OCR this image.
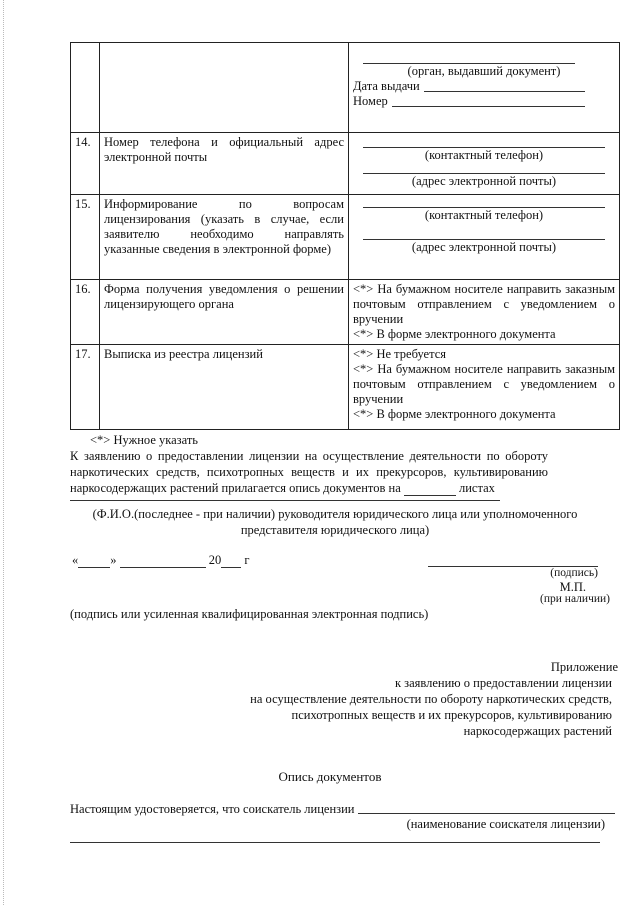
		(орган, выдавший документ)
Дата выдачи
Номер

14.	Номер телефона и официальный адрес электронной почты	(контактный телефон)
(адрес электронной почты)

15.	Информирование по вопросам лицензирования (указать в случае, если заявителю необходимо направлять указанные сведения в электронной форме)	(контактный телефон)
(адрес электронной почты)

16.	Форма получения уведомления о решении лицензирующего органа	<*> На бумажном носителе направить заказным почтовым отправлением с уведомлением о вручении
<*> В форме электронного документа

17.	Выписка из реестра лицензий	<*> Не требуется
<*> На бумажном носителе направить заказным почтовым отправлением с уведомлением о вручении
<*> В форме электронного документа
<*> Нужное указать
К заявлению о предоставлении лицензии на осуществление деятельности по обороту наркотических средств, психотропных веществ и их прекурсоров, культивированию наркосодержащих растений прилагается опись документов на	листах
(Ф.И.О.(последнее - при наличии) руководителя юридического лица или уполномоченного представителя юридического лица)
«	»	20 г
(подпись)
М.П.
(при наличии)
(подпись или усиленная квалифицированная электронная подпись)
Приложение
к заявлению о предоставлении лицензии
на осуществление деятельности по обороту наркотических средств,
психотропных веществ и их прекурсоров, культивированию
наркосодержащих растений
Опись документов
Настоящим удостоверяется, что соискатель лицензии
(наименование соискателя лицензии)
